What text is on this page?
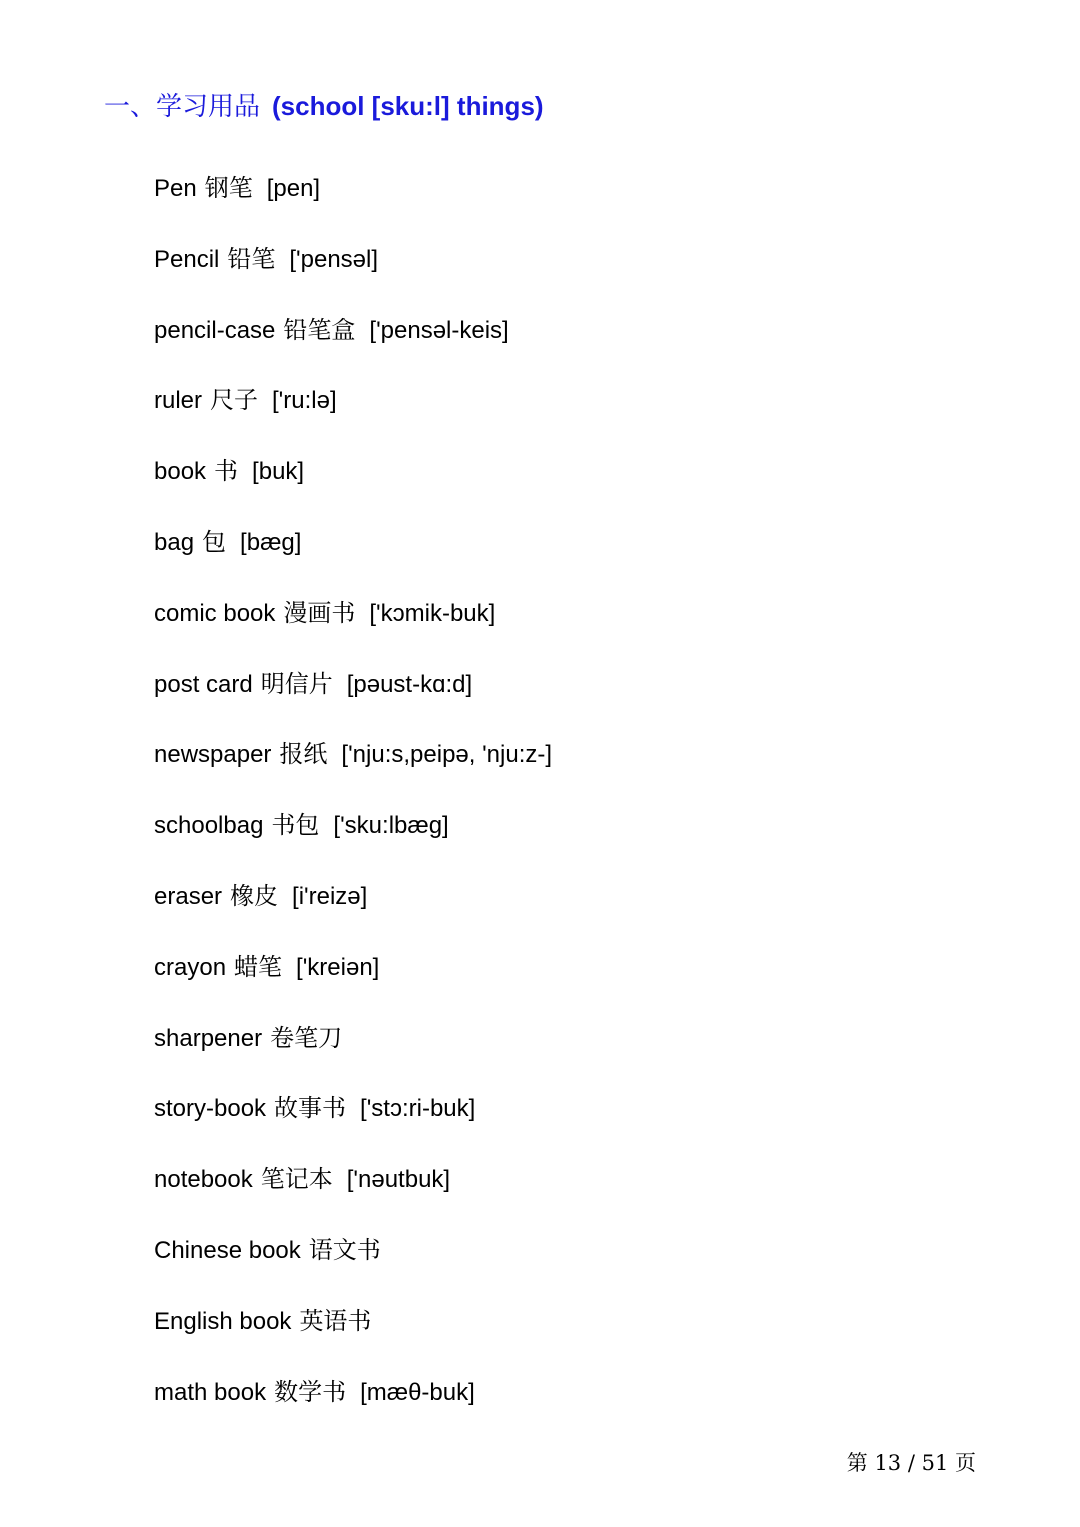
一、学习用品 (school [sku:l] things)
Pen 钢笔 [pen]
Pencil 铅笔 ['pensəl]
pencil-case 铅笔盒 ['pensəl-keis]
ruler 尺子 ['ru:lə]
book 书 [buk]
bag 包 [bæg]
comic book 漫画书 ['kɔmik-buk]
post card 明信片 [pəust-kɑ:d]
newspaper 报纸 ['nju:s,peipə, 'nju:z-]
schoolbag 书包 ['sku:lbæg]
eraser 橡皮 [i'reizə]
crayon 蜡笔 ['kreiən]
sharpener 卷笔刀
story-book 故事书 ['stɔ:ri-buk]
notebook 笔记本 ['nəutbuk]
Chinese book 语文书
English book 英语书
math book 数学书 [mæθ-buk]
第 13 / 51 页
